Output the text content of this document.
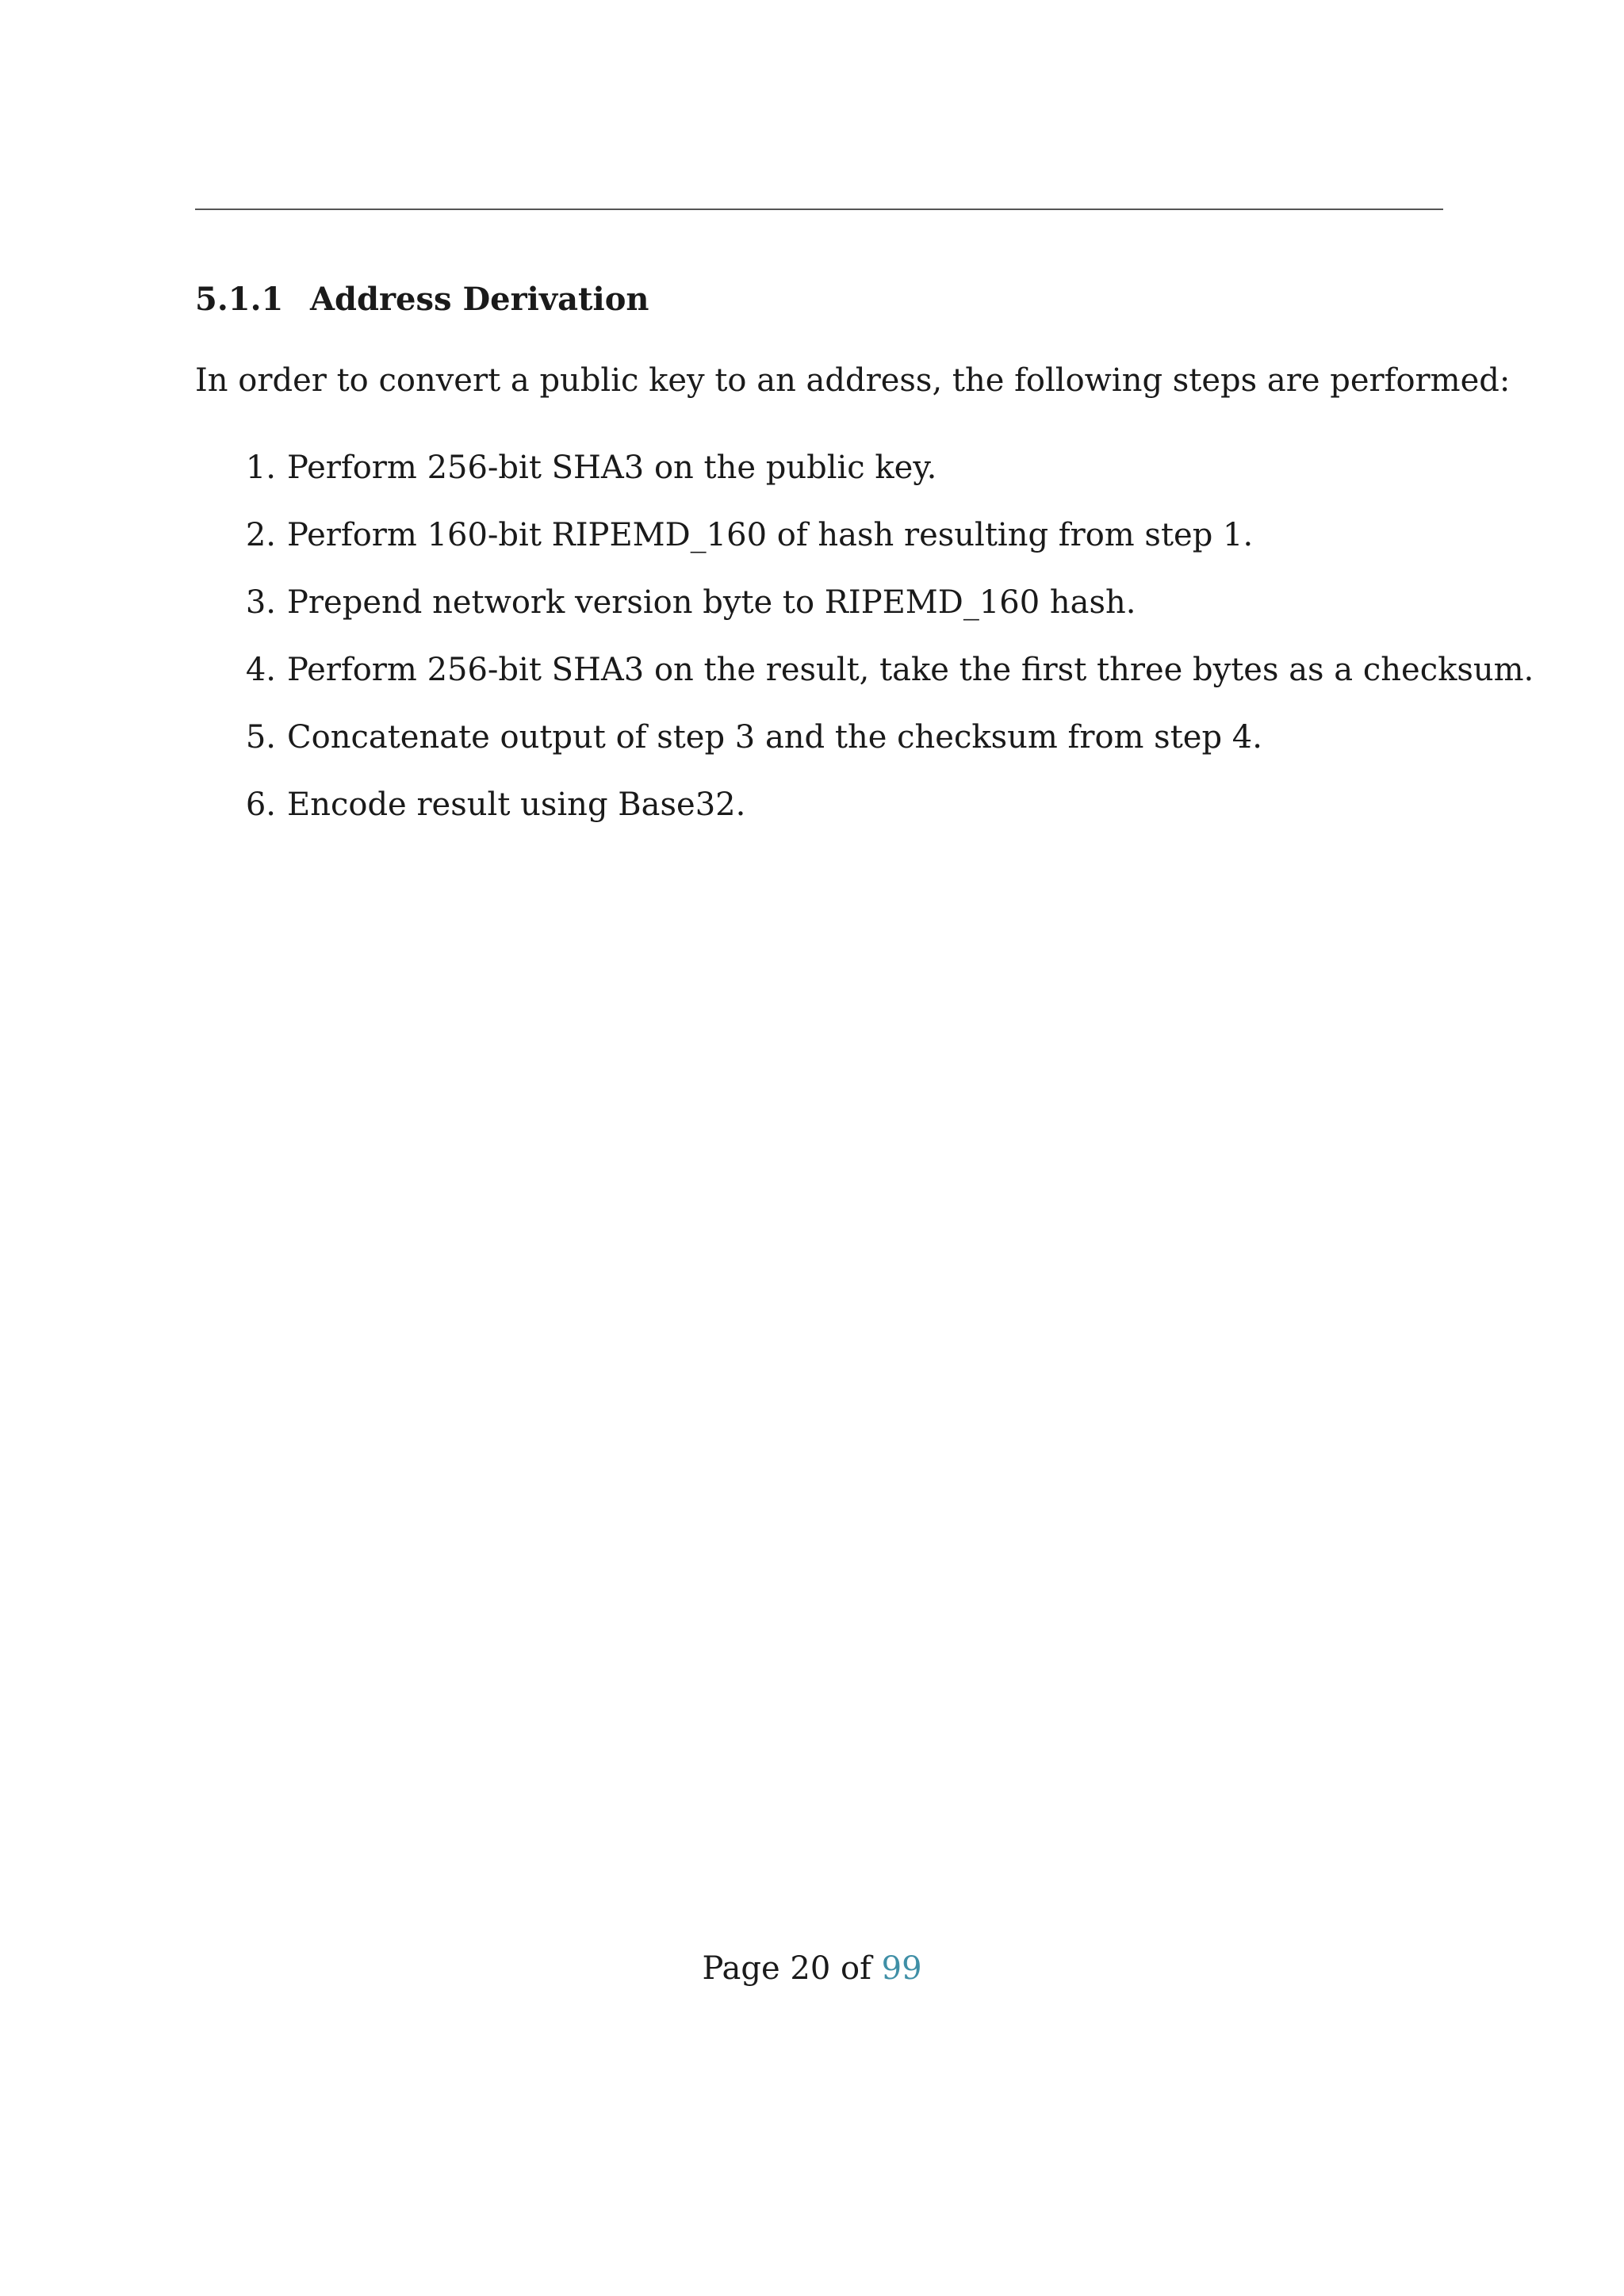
5.1.1 Address Derivation

In order to convert a public key to an address, the following steps are performed:

1. Perform 256-bit SHA3 on the public key.
2. Perform 160-bit RIPEMD_160 of hash resulting from step 1.
3. Prepend network version byte to RIPEMD_160 hash.
4. Perform 256-bit SHA3 on the result, take the first three bytes as a checksum.
5. Concatenate output of step 3 and the checksum from step 4.
6. Encode result using Base32.
Page 20 of 99
